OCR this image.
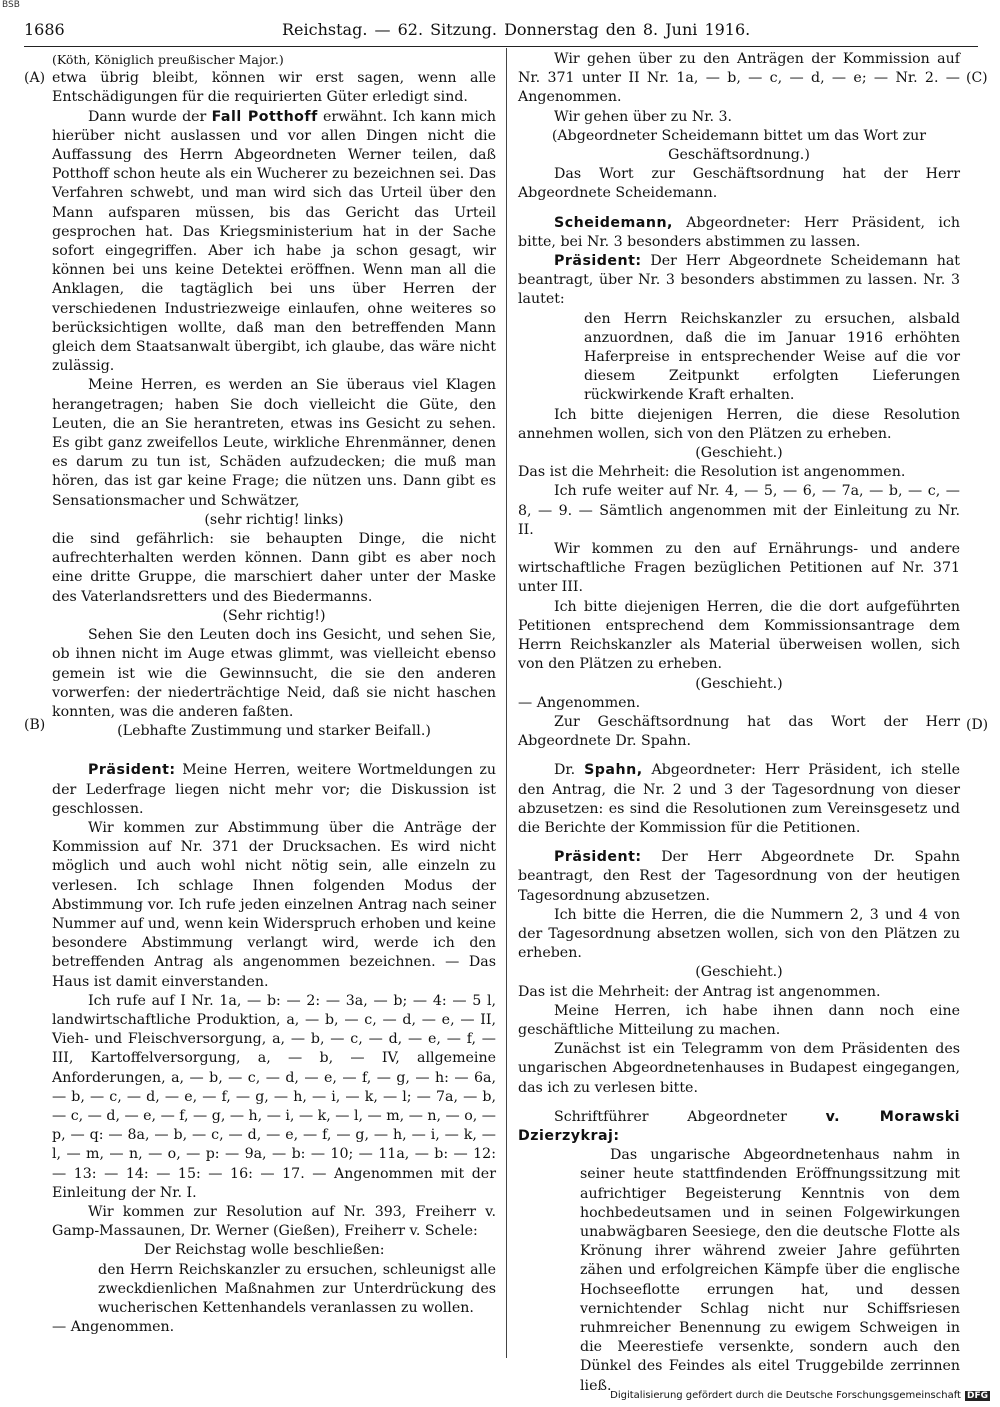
BSB
1686	Reichstag. — 62. Sitzung. Donnerstag den 8. Juni 1916.
(A)
(B)
(C)
(D)

(Köth, Königlich preußischer Major.)

etwa übrig bleibt, können wir erst sagen, wenn alle Entschädigungen für die requirierten Güter erledigt sind.

Dann wurde der Fall Potthoff erwähnt. Ich kann mich hierüber nicht auslassen und vor allen Dingen nicht die Auffassung des Herrn Abgeordneten Werner teilen, daß Potthoff schon heute als ein Wucherer zu bezeichnen sei. Das Verfahren schwebt, und man wird sich das Urteil über den Mann aufsparen müssen, bis das Gericht das Urteil gesprochen hat. Das Kriegsministerium hat in der Sache sofort eingegriffen. Aber ich habe ja schon gesagt, wir können bei uns keine Detektei eröffnen. Wenn man all die Anklagen, die tagtäglich bei uns über Herren der verschiedenen Industriezweige einlaufen, ohne weiteres so berücksichtigen wollte, daß man den betreffenden Mann gleich dem Staatsanwalt übergibt, ich glaube, das wäre nicht zulässig.

Meine Herren, es werden an Sie überaus viel Klagen herangetragen; haben Sie doch vielleicht die Güte, den Leuten, die an Sie herantreten, etwas ins Gesicht zu sehen. Es gibt ganz zweifellos Leute, wirkliche Ehrenmänner, denen es darum zu tun ist, Schäden aufzudecken; die muß man hören, das ist gar keine Frage; die nützen uns. Dann gibt es Sensationsmacher und Schwätzer,

(sehr richtig! links)

die sind gefährlich: sie behaupten Dinge, die nicht aufrechterhalten werden können. Dann gibt es aber noch eine dritte Gruppe, die marschiert daher unter der Maske des Vaterlandsretters und des Biedermanns.

(Sehr richtig!)

Sehen Sie den Leuten doch ins Gesicht, und sehen Sie, ob ihnen nicht im Auge etwas glimmt, was vielleicht ebenso gemein ist wie die Gewinnsucht, die sie den anderen vorwerfen: der niederträchtige Neid, daß sie nicht haschen konnten, was die anderen faßten.

(Lebhafte Zustimmung und starker Beifall.)

Präsident: Meine Herren, weitere Wortmeldungen zu der Lederfrage liegen nicht mehr vor; die Diskussion ist geschlossen.

Wir kommen zur Abstimmung über die Anträge der Kommission auf Nr. 371 der Drucksachen. Es wird nicht möglich und auch wohl nicht nötig sein, alle einzeln zu verlesen. Ich schlage Ihnen folgenden Modus der Abstimmung vor. Ich rufe jeden einzelnen Antrag nach seiner Nummer auf und, wenn kein Widerspruch erhoben und keine besondere Abstimmung verlangt wird, werde ich den betreffenden Antrag als angenommen bezeichnen. — Das Haus ist damit einverstanden.

Ich rufe auf I Nr. 1a, — b: — 2: — 3a, — b; — 4: — 5 l, landwirtschaftliche Produktion, a, — b, — c, — d, — e, — II, Vieh- und Fleischversorgung, a, — b, — c, — d, — e, — f, — III, Kartoffelversorgung, a, — b, — IV, allgemeine Anforderungen, a, — b, — c, — d, — e, — f, — g, — h: — 6a, — b, — c, — d, — e, — f, — g, — h, — i, — k, — l; — 7a, — b, — c, — d, — e, — f, — g, — h, — i, — k, — l, — m, — n, — o, — p, — q: — 8a, — b, — c, — d, — e, — f, — g, — h, — i, — k, — l, — m, — n, — o, — p: — 9a, — b: — 10; — 11a, — b: — 12: — 13: — 14: — 15: — 16: — 17. — Angenommen mit der Einleitung der Nr. I.

Wir kommen zur Resolution auf Nr. 393, Freiherr v. Gamp-Massaunen, Dr. Werner (Gießen), Freiherr v. Schele:

Der Reichstag wolle beschließen:

den Herrn Reichskanzler zu ersuchen, schleunigst alle zweckdienlichen Maßnahmen zur Unterdrückung des wucherischen Kettenhandels veranlassen zu wollen.

— Angenommen.

Wir gehen über zu den Anträgen der Kommission auf Nr. 371 unter II Nr. 1a, — b, — c, — d, — e; — Nr. 2. — Angenommen.

Wir gehen über zu Nr. 3.

(Abgeordneter Scheidemann bittet um das Wort zur Geschäftsordnung.)

Das Wort zur Geschäftsordnung hat der Herr Abgeordnete Scheidemann.

Scheidemann, Abgeordneter: Herr Präsident, ich bitte, bei Nr. 3 besonders abstimmen zu lassen.

Präsident: Der Herr Abgeordnete Scheidemann hat beantragt, über Nr. 3 besonders abstimmen zu lassen. Nr. 3 lautet:

den Herrn Reichskanzler zu ersuchen, alsbald anzuordnen, daß die im Januar 1916 erhöhten Haferpreise in entsprechender Weise auf die vor diesem Zeitpunkt erfolgten Lieferungen rückwirkende Kraft erhalten.

Ich bitte diejenigen Herren, die diese Resolution annehmen wollen, sich von den Plätzen zu erheben.

(Geschieht.)

Das ist die Mehrheit: die Resolution ist angenommen.

Ich rufe weiter auf Nr. 4, — 5, — 6, — 7a, — b, — c, — 8, — 9. — Sämtlich angenommen mit der Einleitung zu Nr. II.

Wir kommen zu den auf Ernährungs- und andere wirtschaftliche Fragen bezüglichen Petitionen auf Nr. 371 unter III.

Ich bitte diejenigen Herren, die die dort aufgeführten Petitionen entsprechend dem Kommissionsantrage dem Herrn Reichskanzler als Material überweisen wollen, sich von den Plätzen zu erheben.

(Geschieht.)

— Angenommen.

Zur Geschäftsordnung hat das Wort der Herr Abgeordnete Dr. Spahn.

Dr. Spahn, Abgeordneter: Herr Präsident, ich stelle den Antrag, die Nr. 2 und 3 der Tagesordnung von dieser abzusetzen: es sind die Resolutionen zum Vereinsgesetz und die Berichte der Kommission für die Petitionen.

Präsident: Der Herr Abgeordnete Dr. Spahn beantragt, den Rest der Tagesordnung von der heutigen Tagesordnung abzusetzen.

Ich bitte die Herren, die die Nummern 2, 3 und 4 von der Tagesordnung absetzen wollen, sich von den Plätzen zu erheben.

(Geschieht.)

Das ist die Mehrheit: der Antrag ist angenommen.

Meine Herren, ich habe ihnen dann noch eine geschäftliche Mitteilung zu machen.

Zunächst ist ein Telegramm von dem Präsidenten des ungarischen Abgeordnetenhauses in Budapest eingegangen, das ich zu verlesen bitte.

Schriftführer Abgeordneter v. Morawski Dzierzykraj:

Das ungarische Abgeordnetenhaus nahm in seiner heute stattfindenden Eröffnungssitzung mit aufrichtiger Begeisterung Kenntnis von dem hochbedeutsamen und in seinen Folgewirkungen unabwägbaren Seesiege, den die deutsche Flotte als Krönung ihrer während zweier Jahre geführten zähen und erfolgreichen Kämpfe über die englische Hochseeflotte errungen hat, und dessen vernichtender Schlag nicht nur Schiffsriesen ruhmreicher Benennung zu ewigem Schweigen in die Meerestiefe versenkte, sondern auch den Dünkel des Feindes als eitel Truggebilde zerrinnen ließ.

Digitalisierung gefördert durch die Deutsche Forschungsgemeinschaft DFG
